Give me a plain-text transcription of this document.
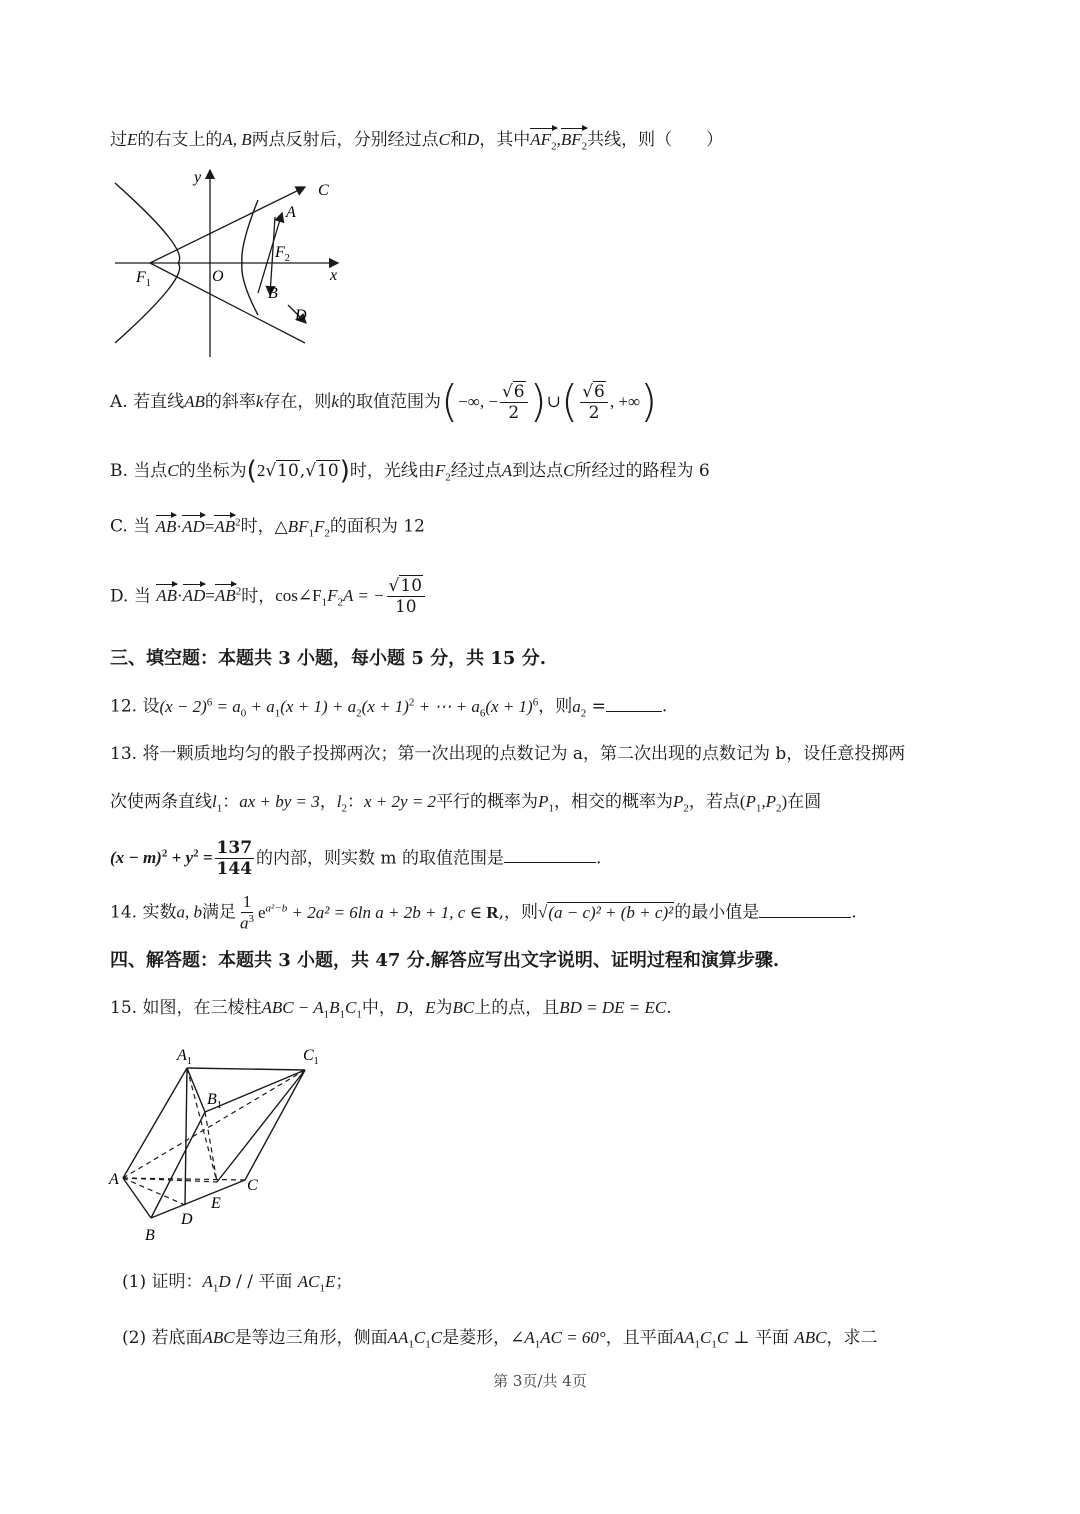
过E的右支上的A, B两点反射后，分别经过点C和D，其中$AF_2,BF_2$共线，则（　　）
y
x
O
$F_1$
$F_2$
A
B
C
D
A. 若直线AB的斜率k存在，则k的取值范围为(−∞, − $\frac{√6}{2}$ )∪( $\frac{√6}{2}$ , +∞)
B. 当点C的坐标为(2√10,√10)时，光线由$F_2$经过点A到达点C所经过的路程为 6
C. 当 $AB\cdot AD=AB^2$时，$\triangle BF_1F_2$的面积为 12
D. 当 $AB\cdot AD=AB^2$时，$\cos\angle F_1F_2A$ = − $\frac{√10}{10}$
三、填空题：本题共 3 小题，每小题 5 分，共 15 分.
12. 设$(x - 2)^6 = a_0 + a_1(x + 1) + a_2(x + 1)^2$ + ⋯ + $a_6(x + 1)^6$，则$a_2$ =	.
13. 将一颗质地均匀的骰子投掷两次；第一次出现的点数记为 a，第二次出现的点数记为 b，设任意投掷两
次使两条直线$l_1$：ax + by = 3，$l_2$：x + 2y = 2平行的概率为$P_1$，相交的概率为$P_2$，若点$(P_1,P_2)$在圆
$(x - m)^2 + y^2 = \frac{137}{144}$ 的内部，则实数 m 的取值范围是	.
14. 实数a, b满足 $\frac{1}{a^3} e^{a^2-b} + 2a^2 = 6\ln$ a + 2b + 1, c ∈ R,，则√(a − c)² + (b + c)²的最小值是	.
四、解答题：本题共 3 小题，共 47 分.解答应写出文字说明、证明过程和演算步骤.
15. 如图，在三棱柱ABC − $A_1B_1C_1$中，D，E为BC上的点，且BD = DE = EC.
$A_1$
$B_1$
$C_1$
A	C
E
D
B
(1) 证明：$A_1D$ / / 平面 $AC_1E$；
(2) 若底面ABC是等边三角形，侧面$AA_1C_1C$是菱形，$\angle A_1AC = 60^\circ$，且平面$AA_1C_1C$ ⊥ 平面 ABC，求二
第 3页/共 4页
